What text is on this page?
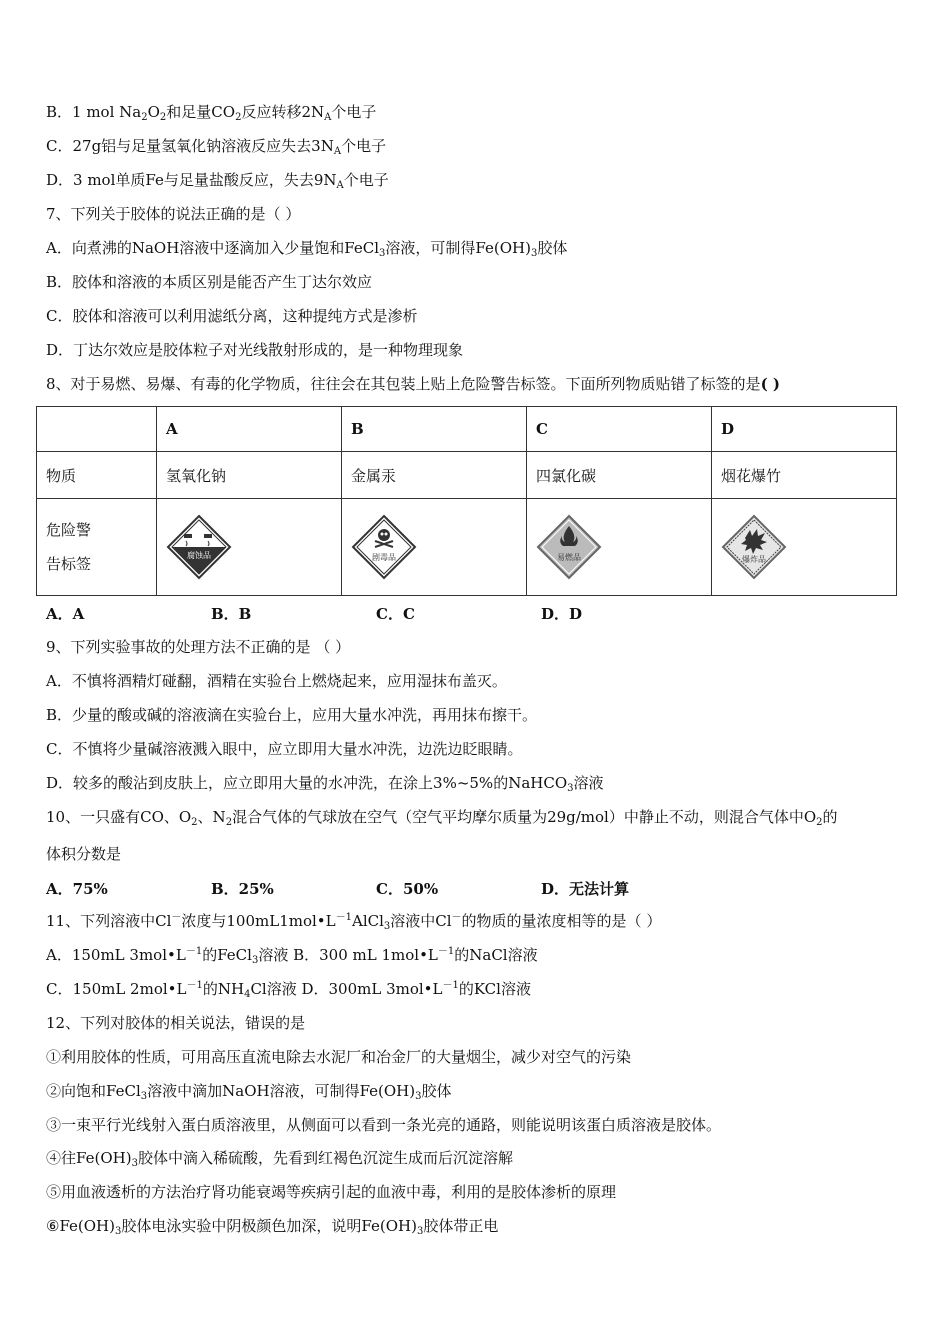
B．1 mol $Na_2O_2$和足量$CO_2$反应转移$2N_A$个电子
C．27g铝与足量氢氧化钠溶液反应失去$3N_A$个电子
D．3 mol单质Fe与足量盐酸反应，失去$9N_A$个电子
7、下列关于胶体的说法正确的是（ ）
A．向煮沸的NaOH溶液中逐滴加入少量饱和FeCl$_3$溶液，可制得$Fe(OH)_3$胶体
B．胶体和溶液的本质区别是能否产生丁达尔效应
C．胶体和溶液可以利用滤纸分离，这种提纯方式是渗析
D．丁达尔效应是胶体粒子对光线散射形成的，是一种物理现象
8、对于易燃、易爆、有毒的化学物质，往往会在其包装上贴上危险警告标签。下面所列物质贴错了标签的是( )
	A	B	C	D
物质	氢氧化钠	金属汞	四氯化碳	烟花爆竹
危险警
告标签	腐蚀品	剧毒品	易燃品	爆炸品
A．A	B．B	C．C	D．D
9、下列实验事故的处理方法不正确的是 （ ）
A．不慎将酒精灯碰翻，酒精在实验台上燃烧起来，应用湿抹布盖灭。
B．少量的酸或碱的溶液滴在实验台上，应用大量水冲洗，再用抹布擦干。
C．不慎将少量碱溶液溅入眼中，应立即用大量水冲洗，边洗边眨眼睛。
D．较多的酸沾到皮肤上，应立即用大量的水冲洗，在涂上3%~5%的NaHCO$_3$溶液
10、一只盛有CO、$O_2$、$N_2$混合气体的气球放在空气（空气平均摩尔质量为29g/mol）中静止不动，则混合气体中$O_2$的
体积分数是
A．75%	B．25%	C．50%	D．无法计算
11、下列溶液中Cl－浓度与$100mL1mol•L^{-1}AlCl_3$溶液中Cl－的物质的量浓度相等的是（ ）
A．150mL $3mol•L^{-1}$的FeCl$_3$溶液 B．300 mL $1mol•L^{-1}$的NaCl溶液
C．150mL $2mol•L^{-1}$的$NH_4Cl$溶液 D．300mL $3mol•L^{-1}$的KCl溶液
12、下列对胶体的相关说法，错误的是
①利用胶体的性质，可用高压直流电除去水泥厂和冶金厂的大量烟尘，减少对空气的污染
②向饱和FeCl$_3$溶液中滴加NaOH溶液，可制得$Fe(OH)_3$胶体
③一束平行光线射入蛋白质溶液里，从侧面可以看到一条光亮的通路，则能说明该蛋白质溶液是胶体。
④往$Fe(OH)_3$胶体中滴入稀硫酸，先看到红褐色沉淀生成而后沉淀溶解
⑤用血液透析的方法治疗肾功能衰竭等疾病引起的血液中毒，利用的是胶体渗析的原理
$⑥Fe(OH)_3$胶体电泳实验中阴极颜色加深，说明$Fe(OH)_3$胶体带正电
